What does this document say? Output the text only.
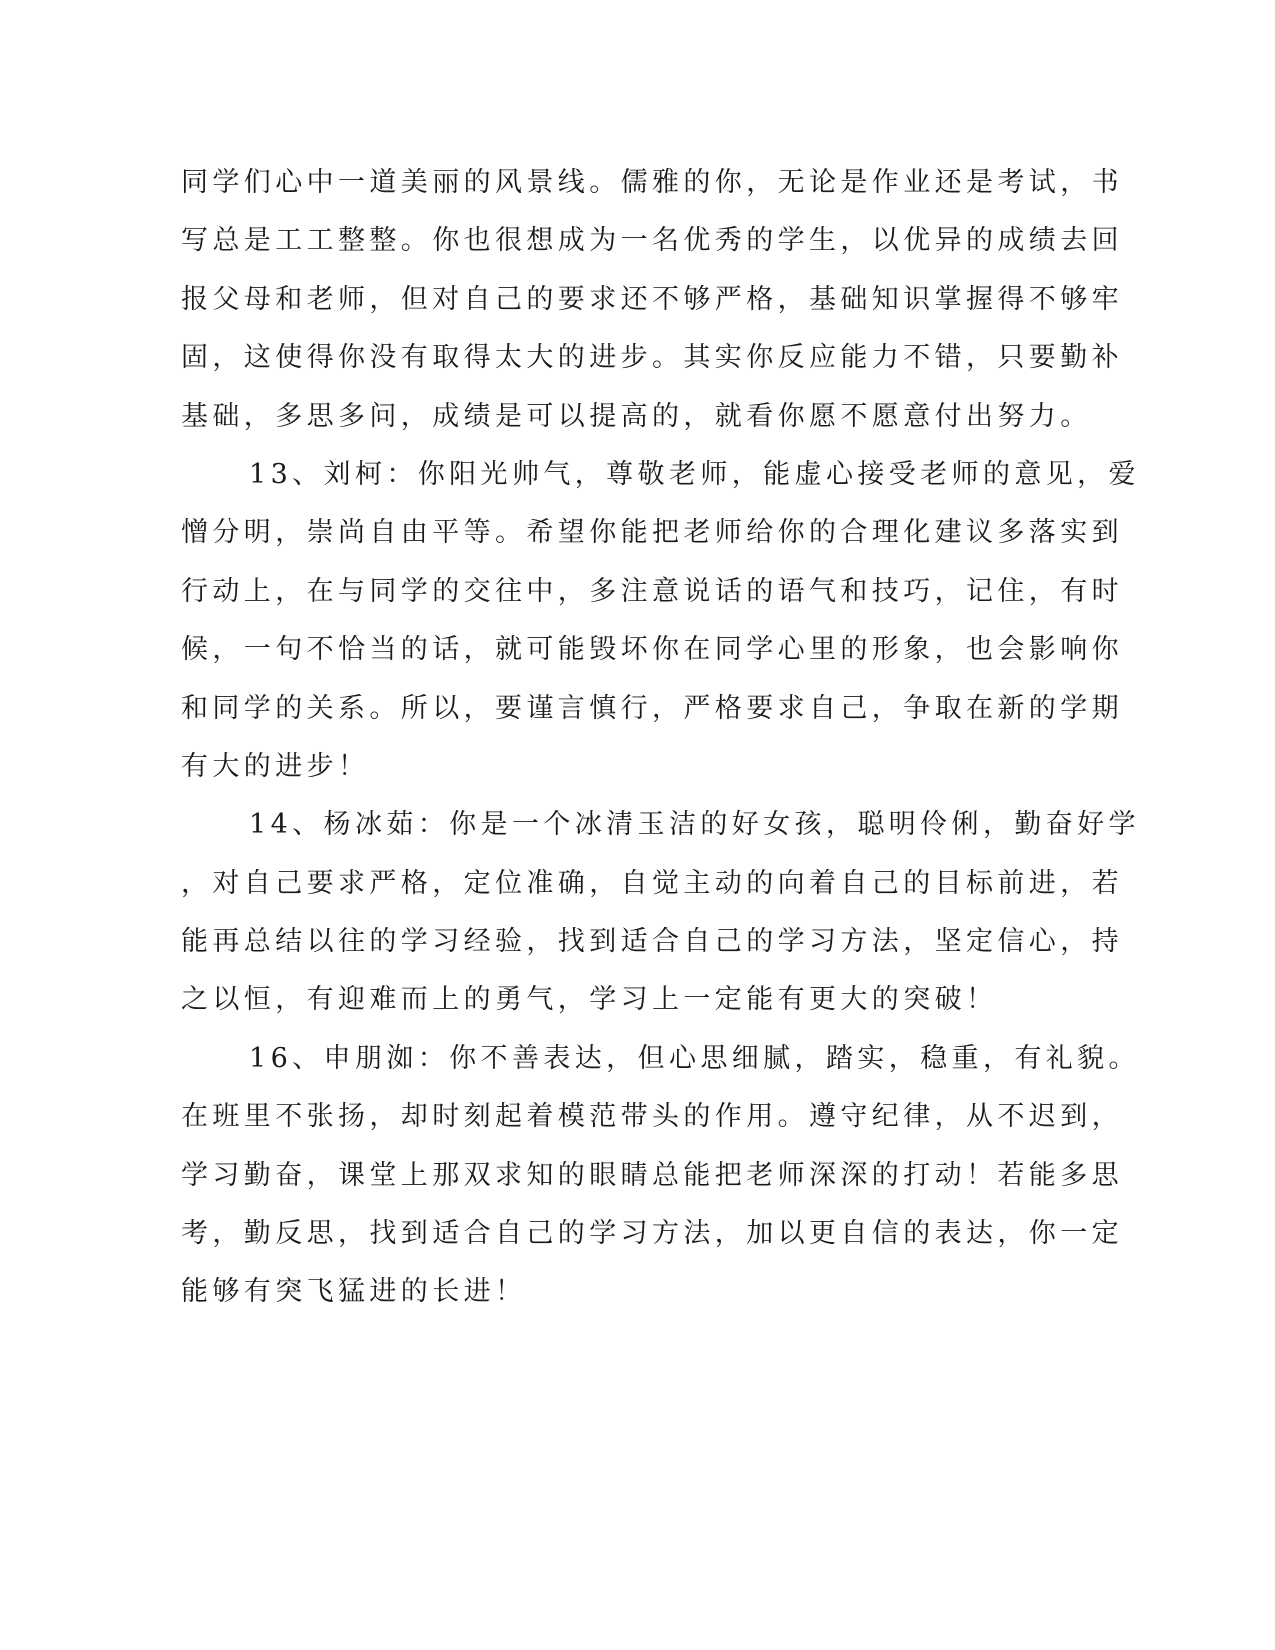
同学们心中一道美丽的风景线。儒雅的你，无论是作业还是考试，书
写总是工工整整。你也很想成为一名优秀的学生，以优异的成绩去回
报父母和老师，但对自己的要求还不够严格，基础知识掌握得不够牢
固，这使得你没有取得太大的进步。其实你反应能力不错，只要勤补
基础，多思多问，成绩是可以提高的，就看你愿不愿意付出努力。
13、刘柯：你阳光帅气，尊敬老师，能虚心接受老师的意见，爱
憎分明，崇尚自由平等。希望你能把老师给你的合理化建议多落实到
行动上，在与同学的交往中，多注意说话的语气和技巧，记住，有时
候，一句不恰当的话，就可能毁坏你在同学心里的形象，也会影响你
和同学的关系。所以，要谨言慎行，严格要求自己，争取在新的学期
有大的进步！
14、杨冰茹：你是一个冰清玉洁的好女孩，聪明伶俐，勤奋好学
，对自己要求严格，定位准确，自觉主动的向着自己的目标前进，若
能再总结以往的学习经验，找到适合自己的学习方法，坚定信心，持
之以恒，有迎难而上的勇气，学习上一定能有更大的突破！
16、申朋洳：你不善表达，但心思细腻，踏实，稳重，有礼貌。
在班里不张扬，却时刻起着模范带头的作用。遵守纪律，从不迟到，
学习勤奋，课堂上那双求知的眼睛总能把老师深深的打动！若能多思
考，勤反思，找到适合自己的学习方法，加以更自信的表达，你一定
能够有突飞猛进的长进！
